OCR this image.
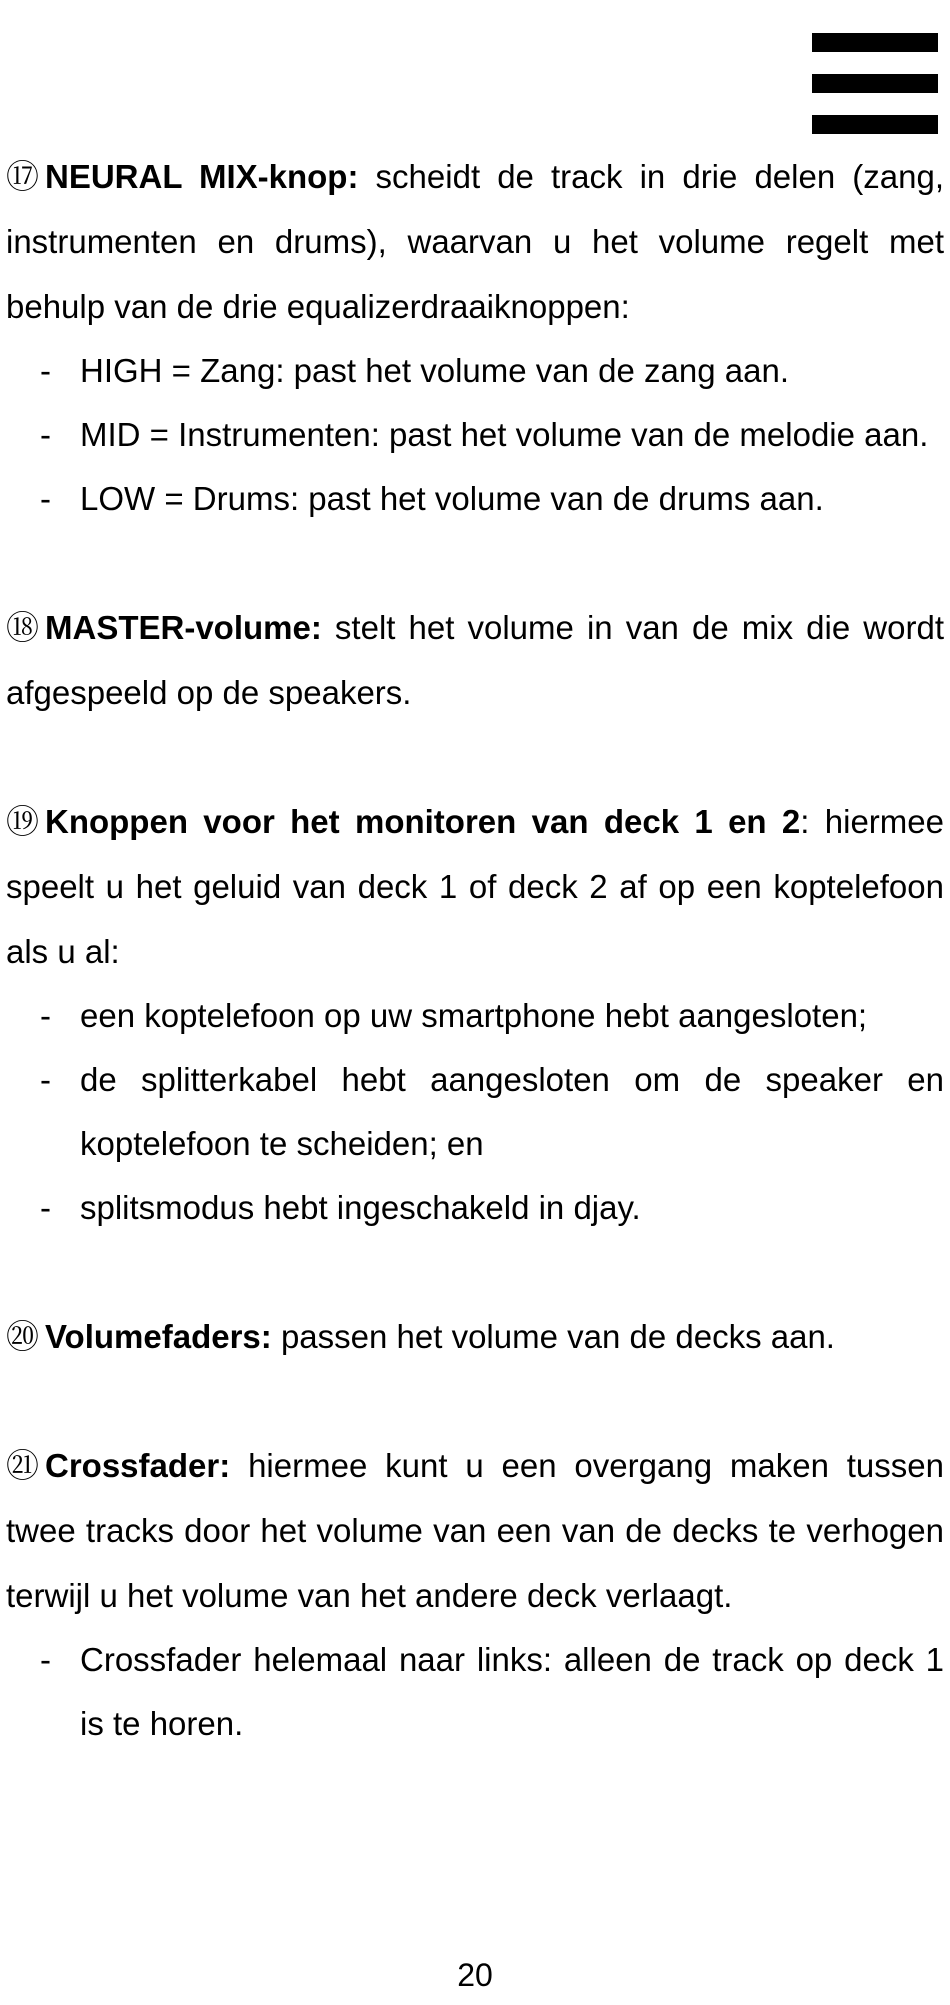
⑰ NEURAL MIX-knop: scheidt de track in drie delen (zang, instrumenten en drums), waarvan u het volume regelt met behulp van de drie equalizerdraaiknoppen:

- HIGH = Zang: past het volume van de zang aan.
- MID = Instrumenten: past het volume van de melodie aan.
- LOW = Drums: past het volume van de drums aan.

⑱ MASTER-volume: stelt het volume in van de mix die wordt afgespeeld op de speakers.

⑲ Knoppen voor het monitoren van deck 1 en 2: hiermee speelt u het geluid van deck 1 of deck 2 af op een koptelefoon als u al:

- een koptelefoon op uw smartphone hebt aangesloten;
- de splitterkabel hebt aangesloten om de speaker en koptelefoon te scheiden; en
- splitsmodus hebt ingeschakeld in djay.

⑳ Volumefaders: passen het volume van de decks aan.

㉑ Crossfader: hiermee kunt u een overgang maken tussen twee tracks door het volume van een van de decks te verhogen terwijl u het volume van het andere deck verlaagt.

- Crossfader helemaal naar links: alleen de track op deck 1 is te horen.
20
